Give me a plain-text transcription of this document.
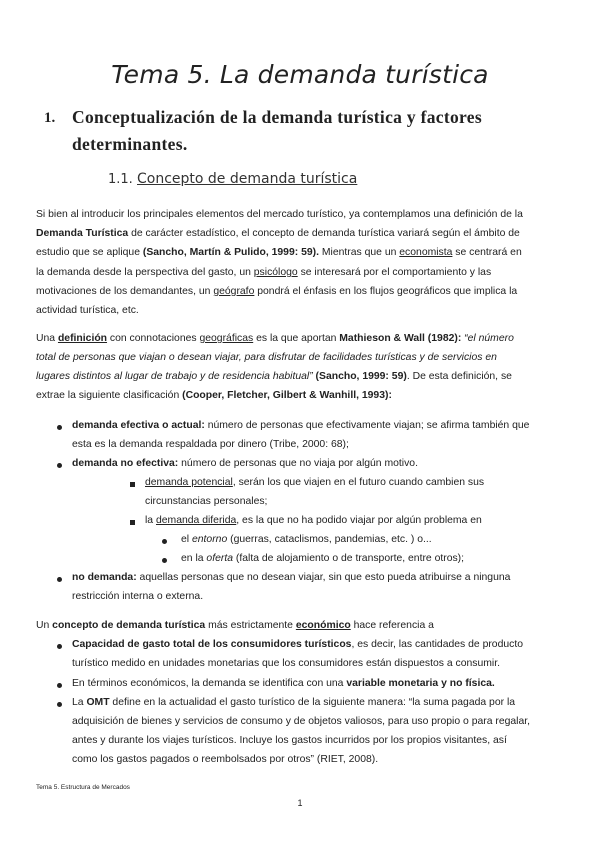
Tema 5. La demanda turística
1. Conceptualización de la demanda turística y factores
determinantes.
1.1. Concepto de demanda turística
Si bien al introducir los principales elementos del mercado turístico, ya contemplamos una definición de la
Demanda Turística de carácter estadístico, el concepto de demanda turística variará según el ámbito de
estudio que se aplique (Sancho, Martín & Pulido, 1999: 59). Mientras que un economista se centrará en
la demanda desde la perspectiva del gasto, un psicólogo se interesará por el comportamiento y las
motivaciones de los demandantes, un geógrafo pondrá el énfasis en los flujos geográficos que implica la
actividad turística, etc.
Una definición con connotaciones geográficas es la que aportan Mathieson & Wall (1982): “el número
total de personas que viajan o desean viajar, para disfrutar de facilidades turísticas y de servicios en
lugares distintos al lugar de trabajo y de residencia habitual” (Sancho, 1999: 59). De esta definición, se
extrae la siguiente clasificación (Cooper, Fletcher, Gilbert & Wanhill, 1993):
demanda efectiva o actual: número de personas que efectivamente viajan; se afirma también que
esta es la demanda respaldada por dinero (Tribe, 2000: 68);
demanda no efectiva: número de personas que no viaja por algún motivo.
demanda potencial, serán los que viajen en el futuro cuando cambien sus
circunstancias personales;
la demanda diferida, es la que no ha podido viajar por algún problema en
el entorno (guerras, cataclismos, pandemias, etc. ) o...
en la oferta (falta de alojamiento o de transporte, entre otros);
no demanda: aquellas personas que no desean viajar, sin que esto pueda atribuirse a ninguna
restricción interna o externa.
Un concepto de demanda turística más estrictamente económico hace referencia a
Capacidad de gasto total de los consumidores turísticos, es decir, las cantidades de producto
turístico medido en unidades monetarias que los consumidores están dispuestos a consumir.
En términos económicos, la demanda se identifica con una variable monetaria y no física.
La OMT define en la actualidad el gasto turístico de la siguiente manera: “la suma pagada por la
adquisición de bienes y servicios de consumo y de objetos valiosos, para uso propio o para regalar,
antes y durante los viajes turísticos. Incluye los gastos incurridos por los propios visitantes, así
como los gastos pagados o reembolsados por otros” (RIET, 2008).
Tema 5. Estructura de Mercados
1
